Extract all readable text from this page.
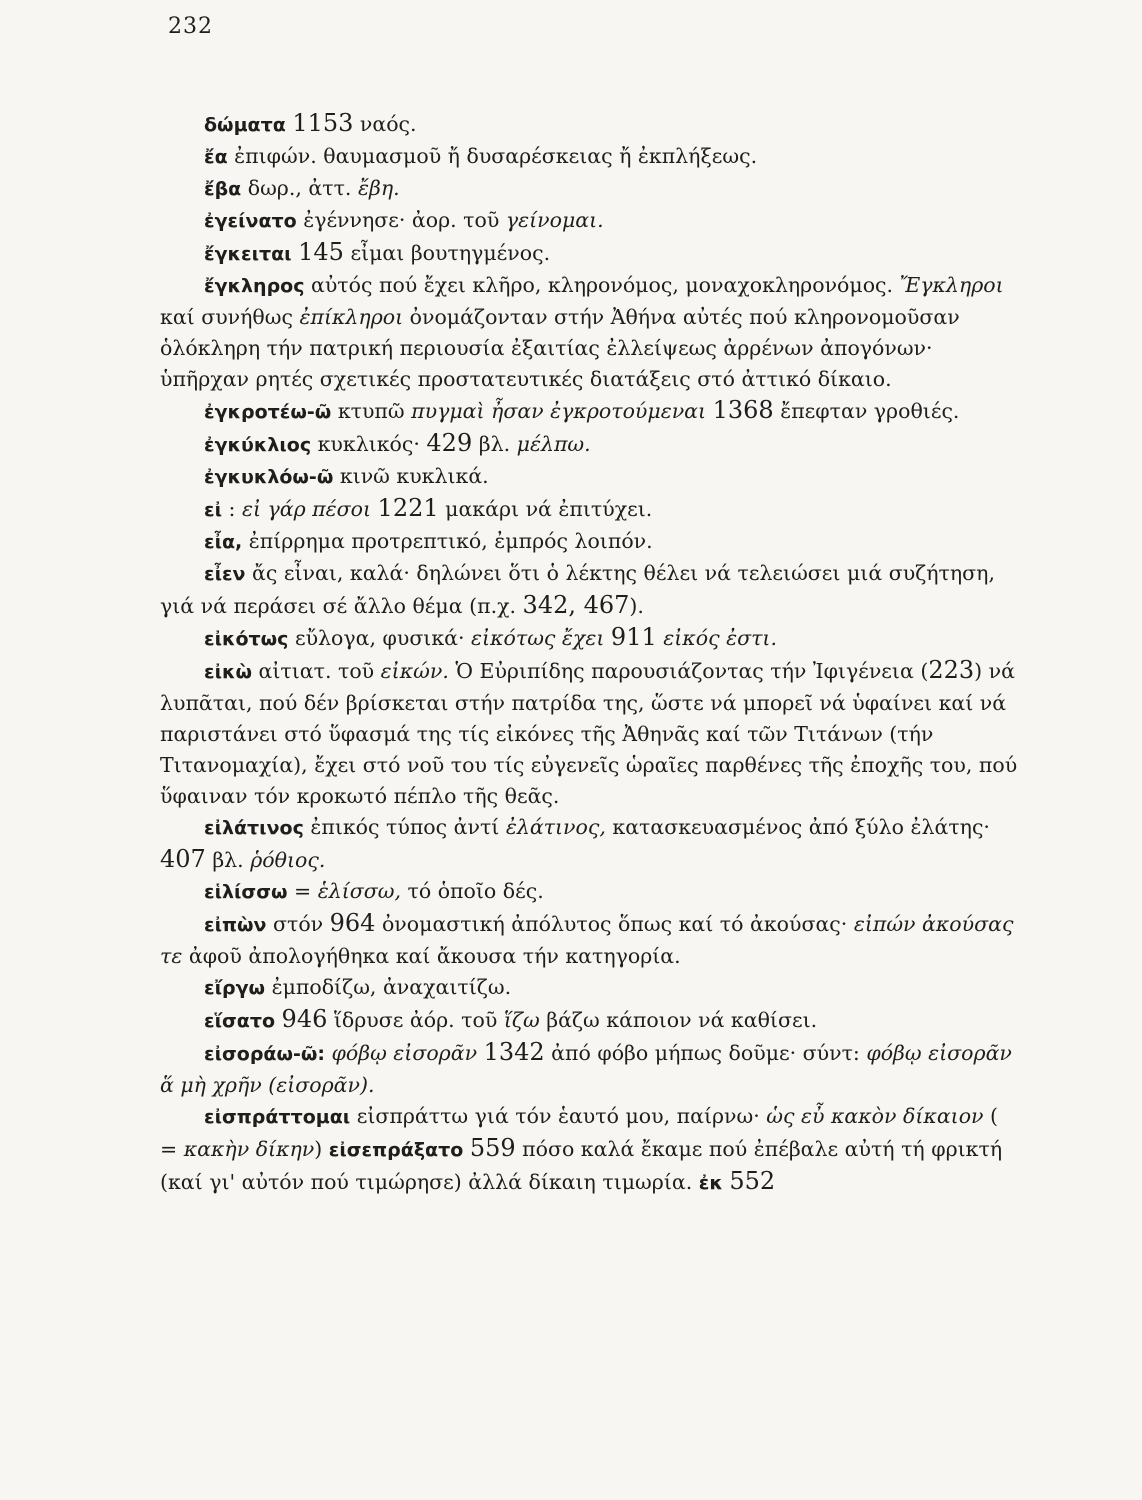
232

δώματα 1153 ναός.

ἔα ἐπιφών. θαυμασμοῦ ἤ δυσαρέσκειας ἤ ἐκπλήξεως.

ἔβα δωρ., ἀττ. ἔβη.

ἐγείνατο ἐγέννησε· ἀορ. τοῦ γείνομαι.

ἔγκειται 145 εἶμαι βουτηγμένος.

ἔγκληρος αὐτός πού ἔχει κλῆρο, κληρονόμος, μοναχοκληρονόμος. Ἔγκληροι καί συνήθως ἐπίκληροι ὀνομάζονταν στήν Ἀθήνα αὐτές πού κληρονομοῦσαν ὁλόκληρη τήν πατρική περιουσία ἐξαιτίας ἐλλείψεως ἀρρένων ἀπογόνων· ὑπῆρχαν ρητές σχετικές προστατευτικές διατάξεις στό ἀττικό δίκαιο.

ἐγκροτέω-ῶ κτυπῶ πυγμαὶ ἦσαν ἐγκροτούμεναι 1368 ἔπεφταν γροθιές.

ἐγκύκλιος κυκλικός· 429 βλ. μέλπω.

ἐγκυκλόω-ῶ κινῶ κυκλικά.

εἰ : εἰ γάρ πέσοι 1221 μακάρι νά ἐπιτύχει.

εἶα, ἐπίρρημα προτρεπτικό, ἐμπρός λοιπόν.

εἶεν ἄς εἶναι, καλά· δηλώνει ὅτι ὁ λέκτης θέλει νά τελειώσει μιά συζήτηση, γιά νά περάσει σέ ἄλλο θέμα (π.χ. 342, 467).

εἰκότως εὔλογα, φυσικά· εἰκότως ἔχει 911 εἰκός ἐστι.

εἰκὼ αἰτιατ. τοῦ εἰκών. Ὁ Εὐριπίδης παρουσιάζοντας τήν Ἰφιγένεια (223) νά λυπᾶται, πού δέν βρίσκεται στήν πατρίδα της, ὥστε νά μπορεῖ νά ὑφαίνει καί νά παριστάνει στό ὕφασμά της τίς εἰκόνες τῆς Ἀθηνᾶς καί τῶν Τιτάνων (τήν Τιτανομαχία), ἔχει στό νοῦ του τίς εὐγενεῖς ὡραῖες παρθένες τῆς ἐποχῆς του, πού ὕφαιναν τόν κροκωτό πέπλο τῆς θεᾶς.

εἰλάτινος ἐπικός τύπος ἀντί ἐλάτινος, κατασκευασμένος ἀπό ξύλο ἐλάτης· 407 βλ. ῥόθιος.

εἱλίσσω = ἑλίσσω, τό ὁποῖο δές.

εἰπὼν στόν 964 ὀνομαστική ἀπόλυτος ὅπως καί τό ἀκούσας· εἰπών ἀκούσας τε ἀφοῦ ἀπολογήθηκα καί ἄκουσα τήν κατηγορία.

εἴργω ἐμποδίζω, ἀναχαιτίζω.

εἵσατο 946 ἵδρυσε ἀόρ. τοῦ ἵζω βάζω κάποιον νά καθίσει.

εἰσοράω-ῶ: φόβῳ εἰσορᾶν 1342 ἀπό φόβο μήπως δοῦμε· σύντ: φόβῳ εἰσορᾶν ἅ μὴ χρῆν (εἰσορᾶν).

εἰσπράττομαι εἰσπράττω γιά τόν ἑαυτό μου, παίρνω· ὡς εὖ κακὸν δίκαιον ( = κακὴν δίκην) εἰσεπράξατο 559 πόσο καλά ἔκαμε πού ἐπέβαλε αὐτή τή φρικτή (καί γι' αὐτόν πού τιμώρησε) ἀλλά δίκαιη τιμωρία. ἐκ 552
